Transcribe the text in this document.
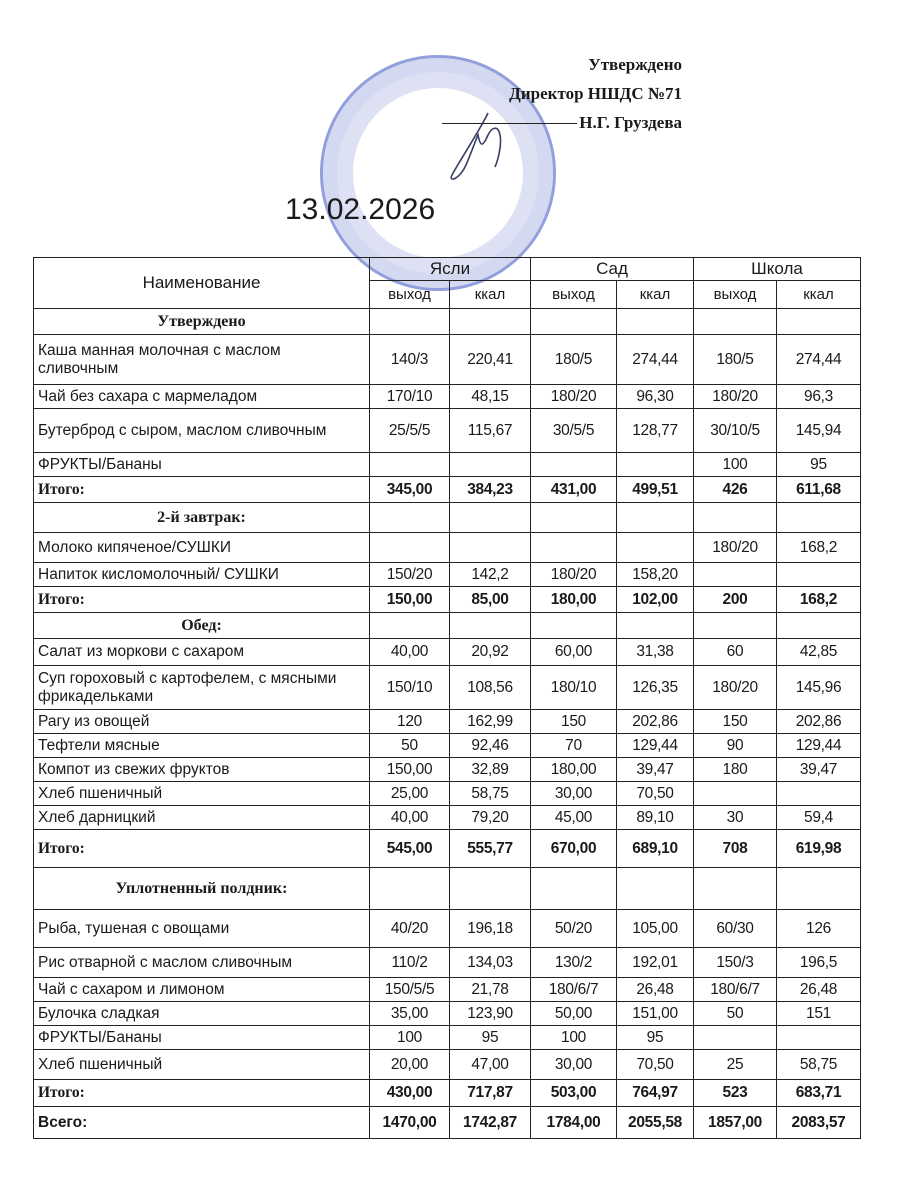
Утверждено
Директор НШДС №71
Н.Г. Груздева
13.02.2026
Наименование	Ясли		Сад		Школа	
	выход	ккал	выход	ккал	выход	ккал
Утверждено						
Каша манная молочная с маслом сливочным	140/3	220,41	180/5	274,44	180/5	274,44
Чай без сахара с мармеладом	170/10	48,15	180/20	96,30	180/20	96,3
Бутерброд с сыром, маслом сливочным	25/5/5	115,67	30/5/5	128,77	30/10/5	145,94
ФРУКТЫ/Бананы					100	95
Итого:	345,00	384,23	431,00	499,51	426	611,68
2-й завтрак:						
Молоко кипяченое/СУШКИ					180/20	168,2
Напиток кисломолочный/ СУШКИ	150/20	142,2	180/20	158,20		
Итого:	150,00	85,00	180,00	102,00	200	168,2
Обед:						
Салат из моркови с сахаром	40,00	20,92	60,00	31,38	60	42,85
Суп гороховый с картофелем, с мясными фрикадельками	150/10	108,56	180/10	126,35	180/20	145,96
Рагу из овощей	120	162,99	150	202,86	150	202,86
Тефтели мясные	50	92,46	70	129,44	90	129,44
Компот из свежих фруктов	150,00	32,89	180,00	39,47	180	39,47
Хлеб пшеничный	25,00	58,75	30,00	70,50		
Хлеб дарницкий	40,00	79,20	45,00	89,10	30	59,4
Итого:	545,00	555,77	670,00	689,10	708	619,98
Уплотненный полдник:						
Рыба, тушеная с овощами	40/20	196,18	50/20	105,00	60/30	126
Рис отварной с маслом сливочным	110/2	134,03	130/2	192,01	150/3	196,5
Чай с сахаром и лимоном	150/5/5	21,78	180/6/7	26,48	180/6/7	26,48
Булочка сладкая	35,00	123,90	50,00	151,00	50	151
ФРУКТЫ/Бананы	100	95	100	95		
Хлеб пшеничный	20,00	47,00	30,00	70,50	25	58,75
Итого:	430,00	717,87	503,00	764,97	523	683,71
Всего:	1470,00	1742,87	1784,00	2055,58	1857,00	2083,57
